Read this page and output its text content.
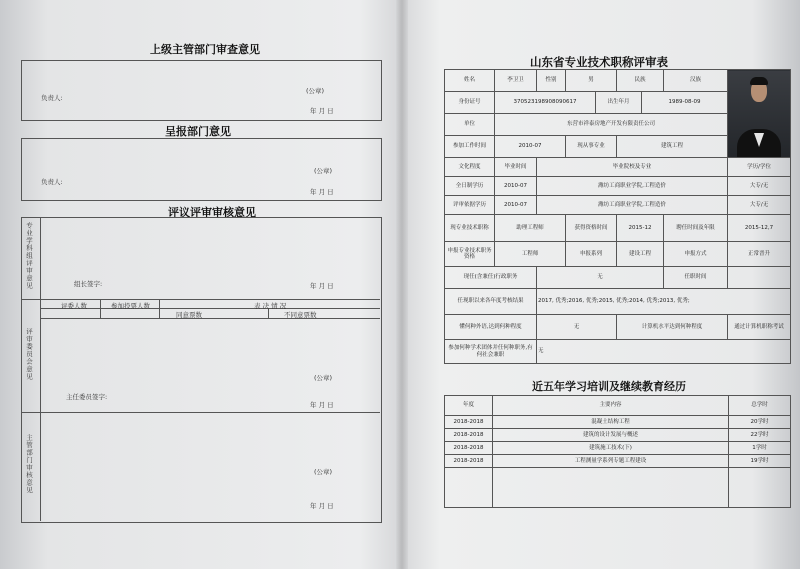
上级主管部门审查意见
负责人:
(公章)
年 月 日
呈报部门意见
负责人:
(公章)
年 月 日
评议评审审核意见
专业学科组评审意见	组长签字:	年 月 日
评委人数	参加投票人数	表 决 情 况
同意票数	不同意票数
评审委员会意见	(公章)
主任委员签字:
年 月 日
主管部门审核意见	(公章)
年 月 日
山东省专业技术职称评审表
姓名	李卫卫	性别	男		民族		汉族	

身份证号	370523198908090617			出生年月		1989-08-09		
单位	东营市祥泰房地产开发有限责任公司							
参加工作时间	2010-07		现从事专业		建筑工程			
文化程度	毕业时间	毕业院校及专业						学历/学位
全日制学历	2010-07	潍坊工商职业学院,工程造价						大专/无
评审依据学历	2010-07	潍坊工商职业学院,工程造价						大专/无
现专业技术职称	助理工程师		获得资格时间		2015-12		聘任时间及年限	2015-12,7
申报专业技术职务资格	工程师		申报系列		建设工程		申报方式	正常晋升
现任(含兼任)行政职务		无					任职时间	
任现职以来各年度考核结果		2017, 优秀;2016, 优秀;2015, 优秀;2014, 优秀;2013, 优秀;						
懂何种外语,达到何种程度		无			计算机水平达到何种程度			通过计算机职称考试
参加何种学术团体并任何种职务,有何社会兼职		无						
近五年学习培训及继续教育经历
年度	主要内容	总学时
2018-2018	混凝土结构工程	20学时
2018-2018	建筑的设计发展与概述	22学时
2018-2018	建筑施工技术(下)	1学时
2018-2018	工程测量学系列专题工程建设	19学时
